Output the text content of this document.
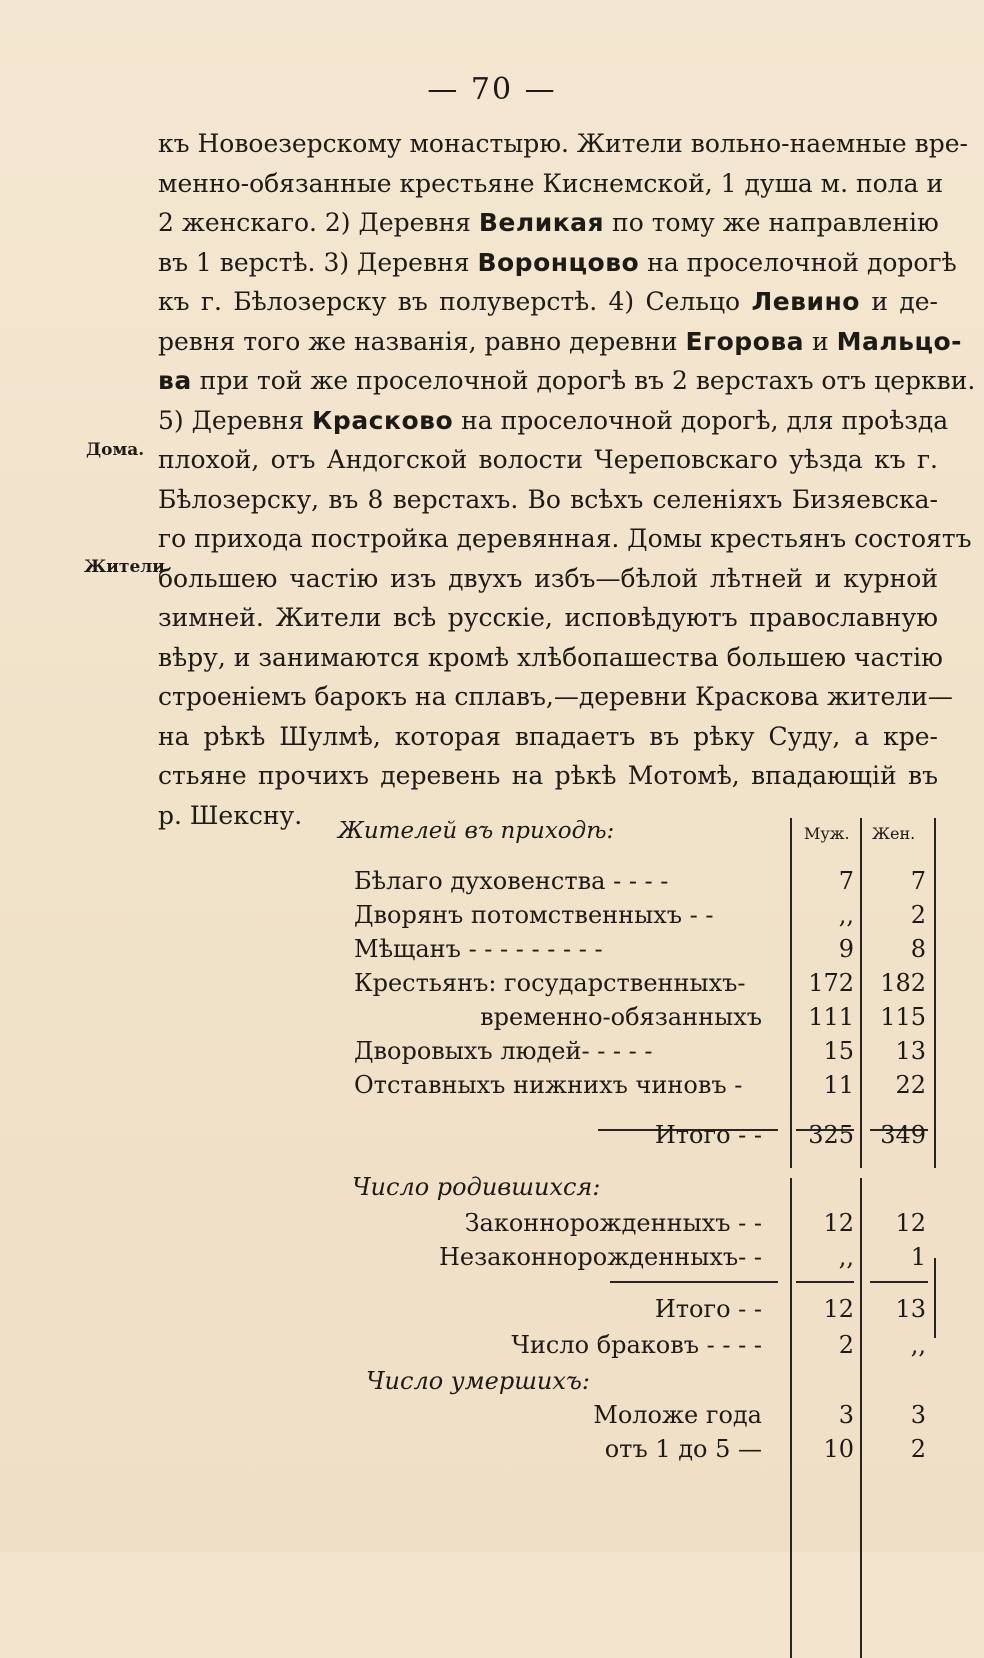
— 70 —
Дома.
Жители
къ Новоезерскому монастырю. Жители вольно-наемные вре-
менно-обязанные крестьяне Киснемской, 1 душа м. пола и
2 женскаго. 2) Деревня Великая по тому же направленію
въ 1 верстѣ. 3) Деревня Воронцово на проселочной дорогѣ
къ г. Бѣлозерску въ полуверстѣ. 4) Сельцо Левино и де-
ревня того же названія, равно деревни Егорова и Мальцо-
ва при той же проселочной дорогѣ въ 2 верстахъ отъ церкви.
5) Деревня Красково на проселочной дорогѣ, для проѣзда
плохой, отъ Андогской волости Череповскаго уѣзда къ г.
Бѣлозерску, въ 8 верстахъ. Во всѣхъ селеніяхъ Бизяевска-
го прихода постройка деревянная. Домы крестьянъ состоятъ
большею частію изъ двухъ избъ—бѣлой лѣтней и курной
зимней. Жители всѣ русскіе, исповѣдуютъ православную
вѣру, и занимаются кромѣ хлѣбопашества большею частію
строеніемъ барокъ на сплавъ,—деревни Краскова жители—
на рѣкѣ Шулмѣ, которая впадаетъ въ рѣку Суду, а кре-
стьяне прочихъ деревень на рѣкѣ Мотомѣ, впадающій въ
р. Шексну.
Жителей въ приходѣ:	Муж. Жен.
Бѣлаго духовенства - - - -	7	7
Дворянъ потомственныхъ - -	,,	2
Мѣщанъ - - - - - - - - -	9	8
Крестьянъ: государственныхъ-	172	182
временно-обязанныхъ	111	115
Дворовыхъ людей- - - - -	15	13
Отставныхъ нижнихъ чиновъ -	11	22
Итого - -	325	349
Число родившихся:
Законнорожденныхъ - -	12	12
Незаконнорожденныхъ- -	,,	1
Итого - -	12	13
Число браковъ - - - -	2	,,
Число умершихъ:
Моложе года	3	3
отъ 1 до 5 —	10	2
